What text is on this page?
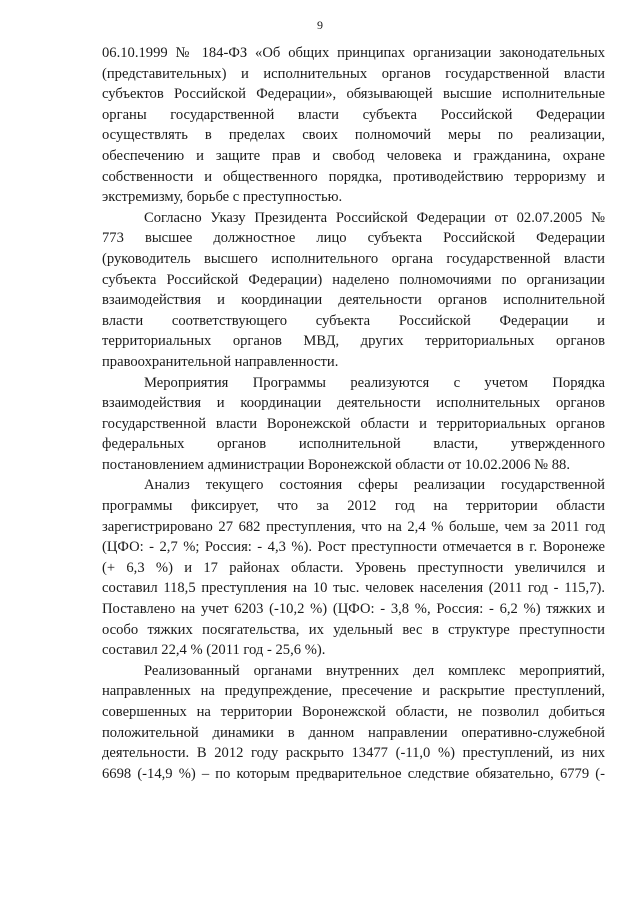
9
06.10.1999 № 184-ФЗ «Об общих принципах организации законодательных
(представительных) и исполнительных органов государственной власти
субъектов Российской Федерации», обязывающей высшие исполнительные
органы государственной власти субъекта Российской Федерации
осуществлять в пределах своих полномочий меры по реализации,
обеспечению и защите прав и свобод человека и гражданина, охране
собственности и общественного порядка, противодействию терроризму и
экстремизму, борьбе с преступностью.
Согласно Указу Президента Российской Федерации от 02.07.2005 №
773 высшее должностное лицо субъекта Российской Федерации
(руководитель высшего исполнительного органа государственной власти
субъекта Российской Федерации) наделено полномочиями по организации
взаимодействия и координации деятельности органов исполнительной
власти соответствующего субъекта Российской Федерации и
территориальных органов МВД, других территориальных органов
правоохранительной направленности.
Мероприятия Программы реализуются с учетом Порядка
взаимодействия и координации деятельности исполнительных органов
государственной власти Воронежской области и территориальных органов
федеральных органов исполнительной власти, утвержденного
постановлением администрации Воронежской области от 10.02.2006 № 88.
Анализ текущего состояния сферы реализации государственной
программы фиксирует, что за 2012 год на территории области
зарегистрировано 27 682 преступления, что на 2,4 % больше, чем за 2011 год
(ЦФО: - 2,7 %; Россия: - 4,3 %). Рост преступности отмечается в г. Воронеже
(+ 6,3 %) и 17 районах области. Уровень преступности увеличился и
составил 118,5 преступления на 10 тыс. человек населения (2011 год - 115,7).
Поставлено на учет 6203 (-10,2 %) (ЦФО: - 3,8 %, Россия: - 6,2 %) тяжких и
особо тяжких посягательства, их удельный вес в структуре преступности
составил 22,4 % (2011 год - 25,6 %).
Реализованный органами внутренних дел комплекс мероприятий,
направленных на предупреждение, пресечение и раскрытие преступлений,
совершенных на территории Воронежской области, не позволил добиться
положительной динамики в данном направлении оперативно-служебной
деятельности. В 2012 году раскрыто 13477 (-11,0 %) преступлений, из них
6698 (-14,9 %) – по которым предварительное следствие обязательно, 6779 (-
